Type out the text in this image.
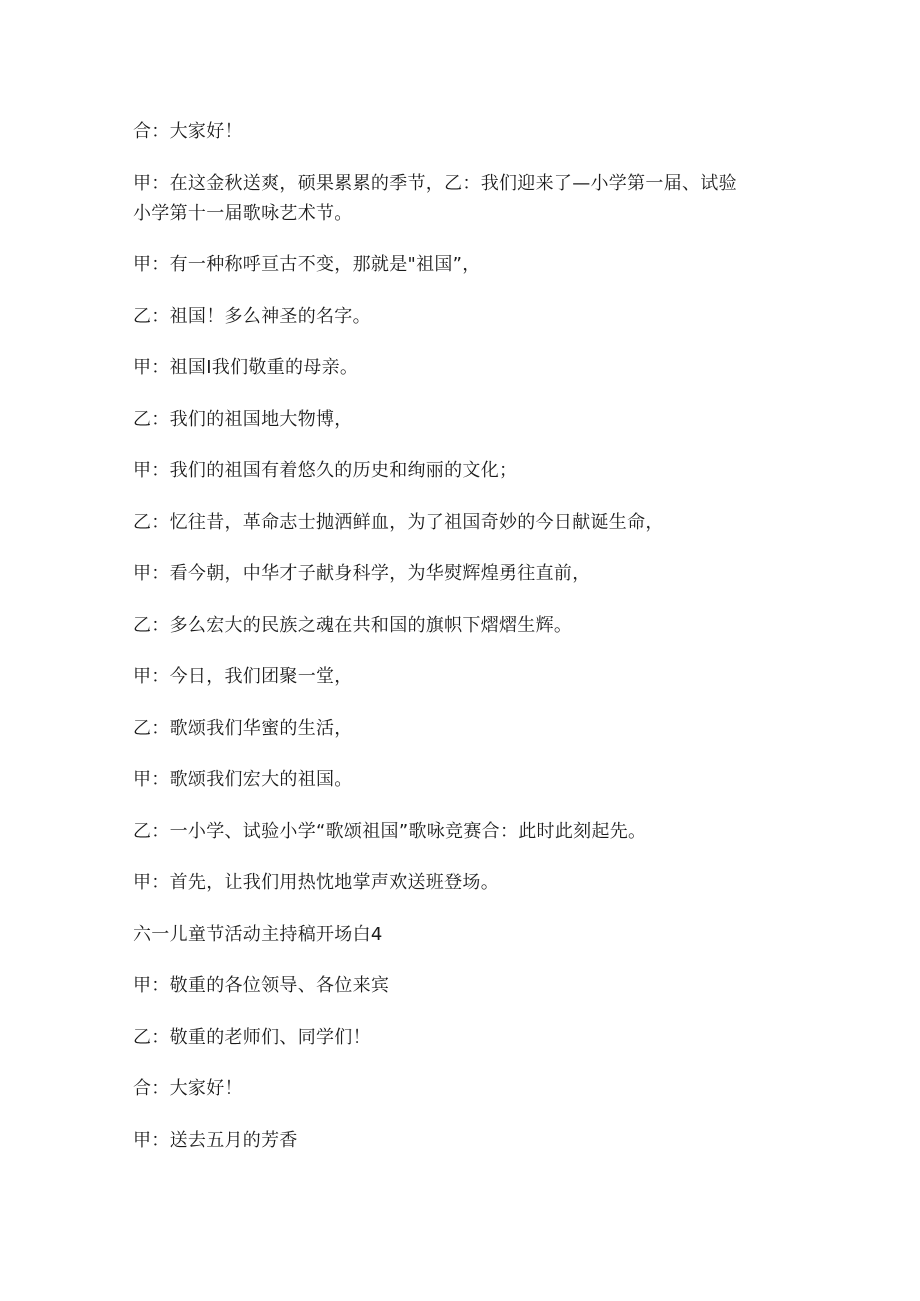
合：大家好！

甲：在这金秋送爽，硕果累累的季节，乙：我们迎来了—小学第一届、试验小学第十一届歌咏艺术节。

甲：有一种称呼亘古不变，那就是"祖国”，

乙：祖国！多么神圣的名字。

甲：祖国I我们敬重的母亲。

乙：我们的祖国地大物博，

甲：我们的祖国有着悠久的历史和绚丽的文化；

乙：忆往昔，革命志士抛洒鲜血，为了祖国奇妙的今日献诞生命，

甲：看今朝，中华才子献身科学，为华熨辉煌勇往直前，

乙：多么宏大的民族之魂在共和国的旗帜下熠熠生辉。

甲：今日，我们团聚一堂，

乙：歌颂我们华蜜的生活，

甲：歌颂我们宏大的祖国。

乙：一小学、试验小学“歌颂祖国”歌咏竞赛合：此时此刻起先。

甲：首先，让我们用热忱地掌声欢送班登场。

六一儿童节活动主持稿开场白4

甲：敬重的各位领导、各位来宾

乙：敬重的老师们、同学们！

合：大家好！

甲：送去五月的芳香
